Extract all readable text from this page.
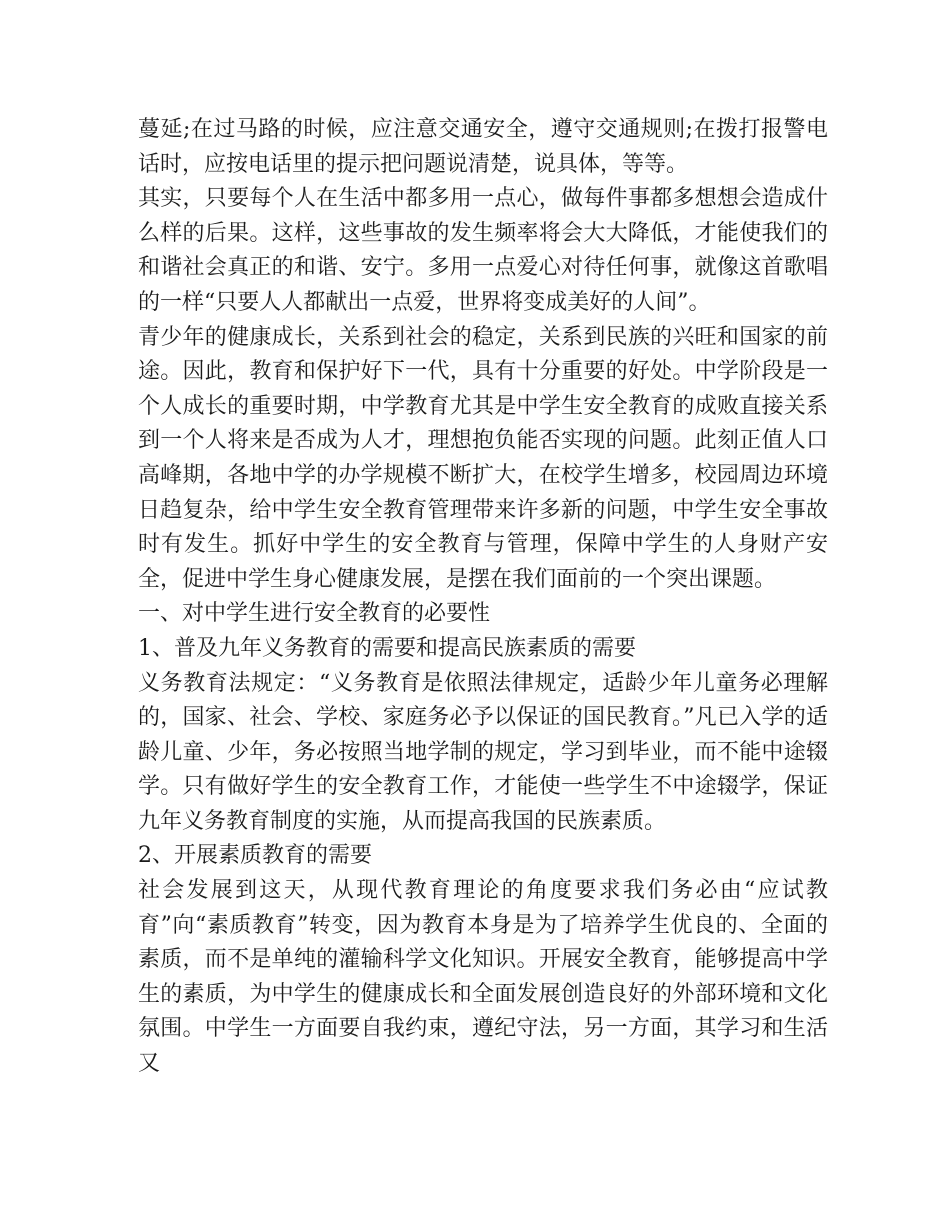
蔓延;在过马路的时候，应注意交通安全，遵守交通规则;在拨打报警电话时，应按电话里的提示把问题说清楚，说具体，等等。

其实，只要每个人在生活中都多用一点心，做每件事都多想想会造成什么样的后果。这样，这些事故的发生频率将会大大降低，才能使我们的和谐社会真正的和谐、安宁。多用一点爱心对待任何事，就像这首歌唱的一样“只要人人都献出一点爱，世界将变成美好的人间”。

青少年的健康成长，关系到社会的稳定，关系到民族的兴旺和国家的前途。因此，教育和保护好下一代，具有十分重要的好处。中学阶段是一个人成长的重要时期，中学教育尤其是中学生安全教育的成败直接关系到一个人将来是否成为人才，理想抱负能否实现的问题。此刻正值人口高峰期，各地中学的办学规模不断扩大，在校学生增多，校园周边环境日趋复杂，给中学生安全教育管理带来许多新的问题，中学生安全事故时有发生。抓好中学生的安全教育与管理，保障中学生的人身财产安全，促进中学生身心健康发展，是摆在我们面前的一个突出课题。

一、对中学生进行安全教育的必要性

1、普及九年义务教育的需要和提高民族素质的需要

义务教育法规定：“义务教育是依照法律规定，适龄少年儿童务必理解的，国家、社会、学校、家庭务必予以保证的国民教育。”凡已入学的适龄儿童、少年，务必按照当地学制的规定，学习到毕业，而不能中途辍学。只有做好学生的安全教育工作，才能使一些学生不中途辍学，保证九年义务教育制度的实施，从而提高我国的民族素质。

2、开展素质教育的需要

社会发展到这天，从现代教育理论的角度要求我们务必由“应试教育”向“素质教育”转变，因为教育本身是为了培养学生优良的、全面的素质，而不是单纯的灌输科学文化知识。开展安全教育，能够提高中学生的素质，为中学生的健康成长和全面发展创造良好的外部环境和文化氛围。中学生一方面要自我约束，遵纪守法，另一方面，其学习和生活又
